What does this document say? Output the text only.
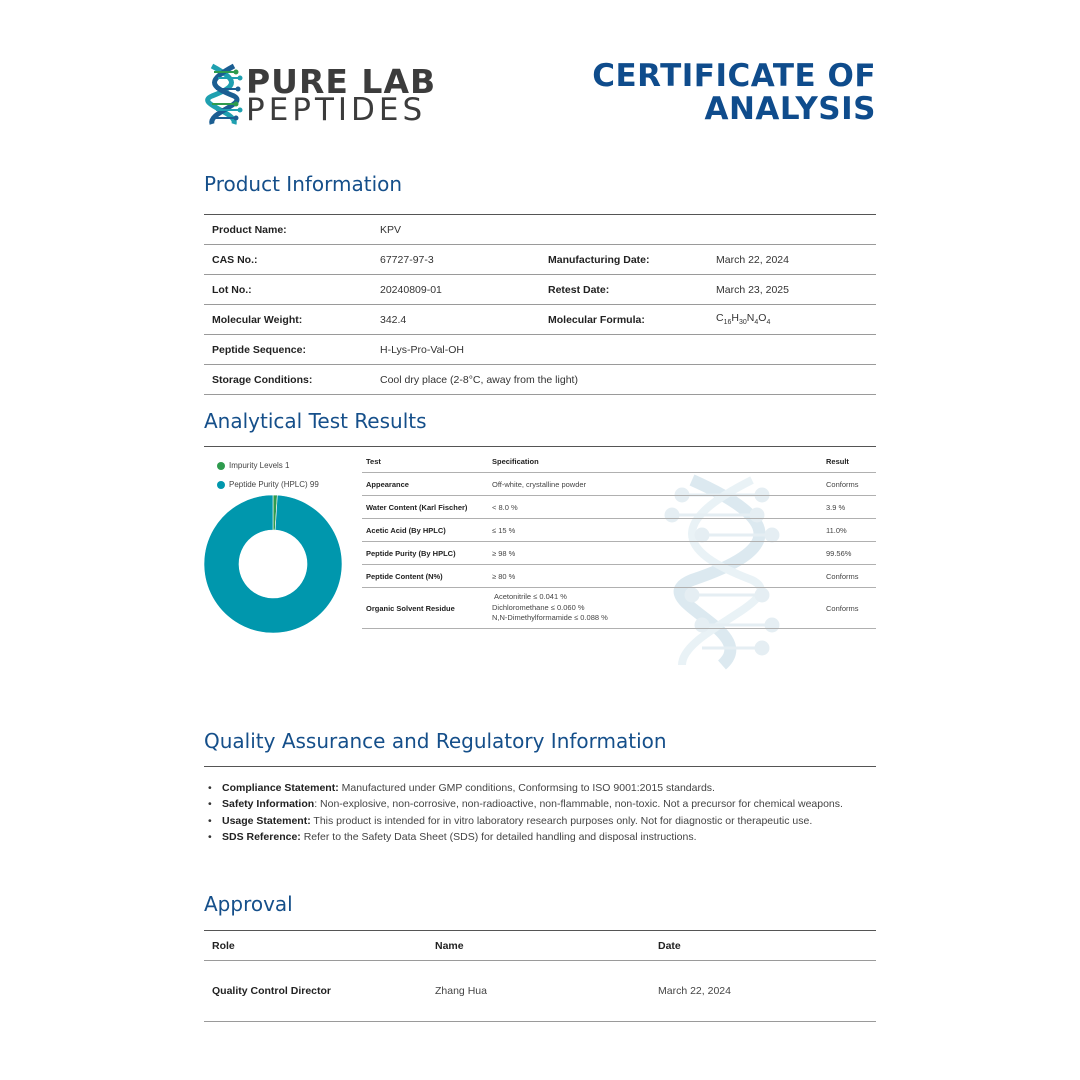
PURE LAB
PEPTIDES
CERTIFICATE OF
ANALYSIS
Product Information
Product Name:	KPV		
CAS No.:	67727-97-3	Manufacturing Date:	March 22, 2024
Lot No.:	20240809-01	Retest Date:	March 23, 2025
Molecular Weight:	342.4	Molecular Formula:	$C_{16}H_{30}N_4O_4$
Peptide Sequence:	H-Lys-Pro-Val-OH		
Storage Conditions:	Cool dry place (2-8°C, away from the light)		
Analytical Test Results
Impurity Levels 1
Peptide Purity (HPLC) 99
Test	Specification	Result
Appearance	Off-white, crystalline powder	Conforms
Water Content (Karl Fischer)	< 8.0 %	3.9 %
Acetic Acid (By HPLC)	≤ 15 %	11.0%
Peptide Purity (By HPLC)	≥ 98 %	99.56%
Peptide Content (N%)	≥ 80 %	Conforms
Organic Solvent Residue	Acetonitrile ≤ 0.041 %
Dichloromethane ≤ 0.060 %
N,N-Dimethylformamide ≤ 0.088 %	Conforms
Quality Assurance and Regulatory Information
• Compliance Statement: Manufactured under GMP conditions, Conformsing to ISO 9001:2015 standards.
• Safety Information: Non-explosive, non-corrosive, non-radioactive, non-flammable, non-toxic. Not a precursor for chemical weapons.
• Usage Statement: This product is intended for in vitro laboratory research purposes only. Not for diagnostic or therapeutic use.
• SDS Reference: Refer to the Safety Data Sheet (SDS) for detailed handling and disposal instructions.
Approval
Role	Name	Date
Quality Control Director	Zhang Hua	March 22, 2024
